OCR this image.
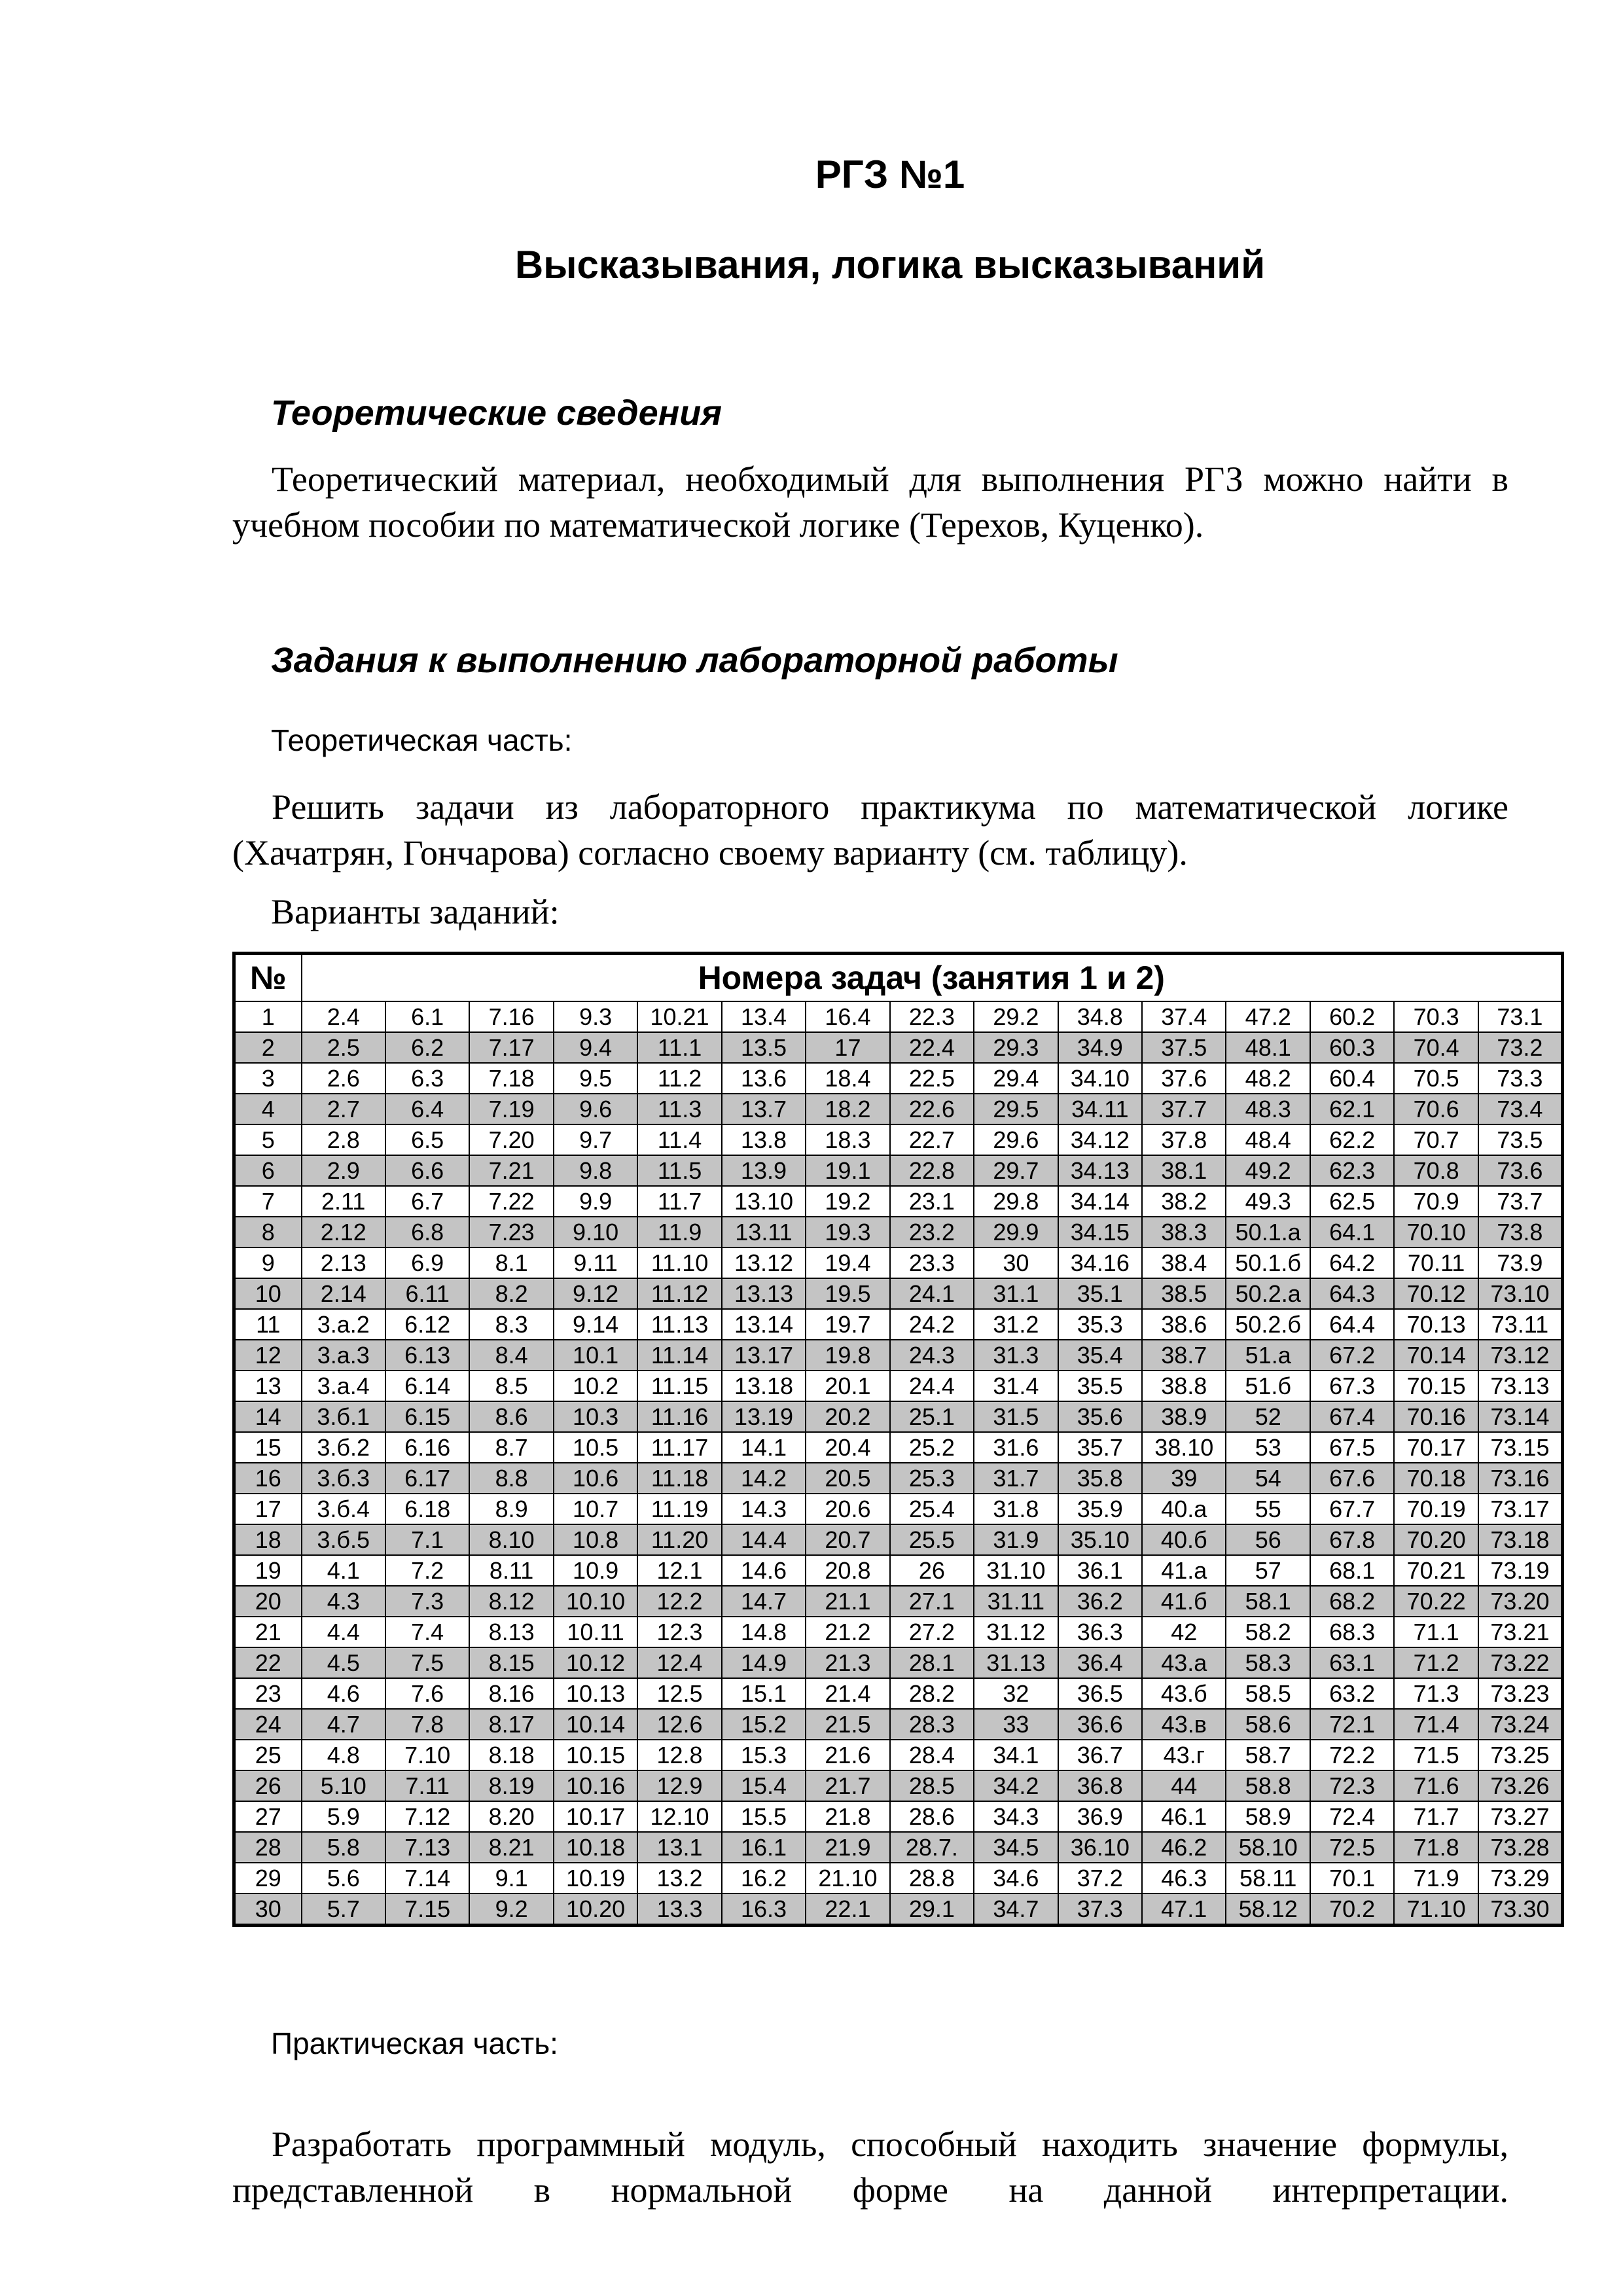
РГЗ №1
Высказывания, логика высказываний
Теоретические сведения
Теоретический материал, необходимый для выполнения РГЗ можно найти в учебном пособии по математической логике (Терехов, Куценко).
Задания к выполнению лабораторной работы
Теоретическая часть:
Решить задачи из лабораторного практикума по математической логике (Хачатрян, Гончарова) согласно своему варианту (см. таблицу).
Варианты заданий:
№	Номера задач (занятия 1 и 2)														
1	2.4	6.1	7.16	9.3	10.21	13.4	16.4	22.3	29.2	34.8	37.4	47.2	60.2	70.3	73.1
2	2.5	6.2	7.17	9.4	11.1	13.5	17	22.4	29.3	34.9	37.5	48.1	60.3	70.4	73.2
3	2.6	6.3	7.18	9.5	11.2	13.6	18.4	22.5	29.4	34.10	37.6	48.2	60.4	70.5	73.3
4	2.7	6.4	7.19	9.6	11.3	13.7	18.2	22.6	29.5	34.11	37.7	48.3	62.1	70.6	73.4
5	2.8	6.5	7.20	9.7	11.4	13.8	18.3	22.7	29.6	34.12	37.8	48.4	62.2	70.7	73.5
6	2.9	6.6	7.21	9.8	11.5	13.9	19.1	22.8	29.7	34.13	38.1	49.2	62.3	70.8	73.6
7	2.11	6.7	7.22	9.9	11.7	13.10	19.2	23.1	29.8	34.14	38.2	49.3	62.5	70.9	73.7
8	2.12	6.8	7.23	9.10	11.9	13.11	19.3	23.2	29.9	34.15	38.3	50.1.а	64.1	70.10	73.8
9	2.13	6.9	8.1	9.11	11.10	13.12	19.4	23.3	30	34.16	38.4	50.1.б	64.2	70.11	73.9
10	2.14	6.11	8.2	9.12	11.12	13.13	19.5	24.1	31.1	35.1	38.5	50.2.а	64.3	70.12	73.10
11	3.а.2	6.12	8.3	9.14	11.13	13.14	19.7	24.2	31.2	35.3	38.6	50.2.б	64.4	70.13	73.11
12	3.а.3	6.13	8.4	10.1	11.14	13.17	19.8	24.3	31.3	35.4	38.7	51.а	67.2	70.14	73.12
13	3.а.4	6.14	8.5	10.2	11.15	13.18	20.1	24.4	31.4	35.5	38.8	51.б	67.3	70.15	73.13
14	3.б.1	6.15	8.6	10.3	11.16	13.19	20.2	25.1	31.5	35.6	38.9	52	67.4	70.16	73.14
15	3.б.2	6.16	8.7	10.5	11.17	14.1	20.4	25.2	31.6	35.7	38.10	53	67.5	70.17	73.15
16	3.б.3	6.17	8.8	10.6	11.18	14.2	20.5	25.3	31.7	35.8	39	54	67.6	70.18	73.16
17	3.б.4	6.18	8.9	10.7	11.19	14.3	20.6	25.4	31.8	35.9	40.а	55	67.7	70.19	73.17
18	3.б.5	7.1	8.10	10.8	11.20	14.4	20.7	25.5	31.9	35.10	40.б	56	67.8	70.20	73.18
19	4.1	7.2	8.11	10.9	12.1	14.6	20.8	26	31.10	36.1	41.а	57	68.1	70.21	73.19
20	4.3	7.3	8.12	10.10	12.2	14.7	21.1	27.1	31.11	36.2	41.б	58.1	68.2	70.22	73.20
21	4.4	7.4	8.13	10.11	12.3	14.8	21.2	27.2	31.12	36.3	42	58.2	68.3	71.1	73.21
22	4.5	7.5	8.15	10.12	12.4	14.9	21.3	28.1	31.13	36.4	43.а	58.3	63.1	71.2	73.22
23	4.6	7.6	8.16	10.13	12.5	15.1	21.4	28.2	32	36.5	43.б	58.5	63.2	71.3	73.23
24	4.7	7.8	8.17	10.14	12.6	15.2	21.5	28.3	33	36.6	43.в	58.6	72.1	71.4	73.24
25	4.8	7.10	8.18	10.15	12.8	15.3	21.6	28.4	34.1	36.7	43.г	58.7	72.2	71.5	73.25
26	5.10	7.11	8.19	10.16	12.9	15.4	21.7	28.5	34.2	36.8	44	58.8	72.3	71.6	73.26
27	5.9	7.12	8.20	10.17	12.10	15.5	21.8	28.6	34.3	36.9	46.1	58.9	72.4	71.7	73.27
28	5.8	7.13	8.21	10.18	13.1	16.1	21.9	28.7.	34.5	36.10	46.2	58.10	72.5	71.8	73.28
29	5.6	7.14	9.1	10.19	13.2	16.2	21.10	28.8	34.6	37.2	46.3	58.11	70.1	71.9	73.29
30	5.7	7.15	9.2	10.20	13.3	16.3	22.1	29.1	34.7	37.3	47.1	58.12	70.2	71.10	73.30
Практическая часть:
Разработать программный модуль, способный находить значение формулы, представленной в нормальной форме на данной интерпретации.
